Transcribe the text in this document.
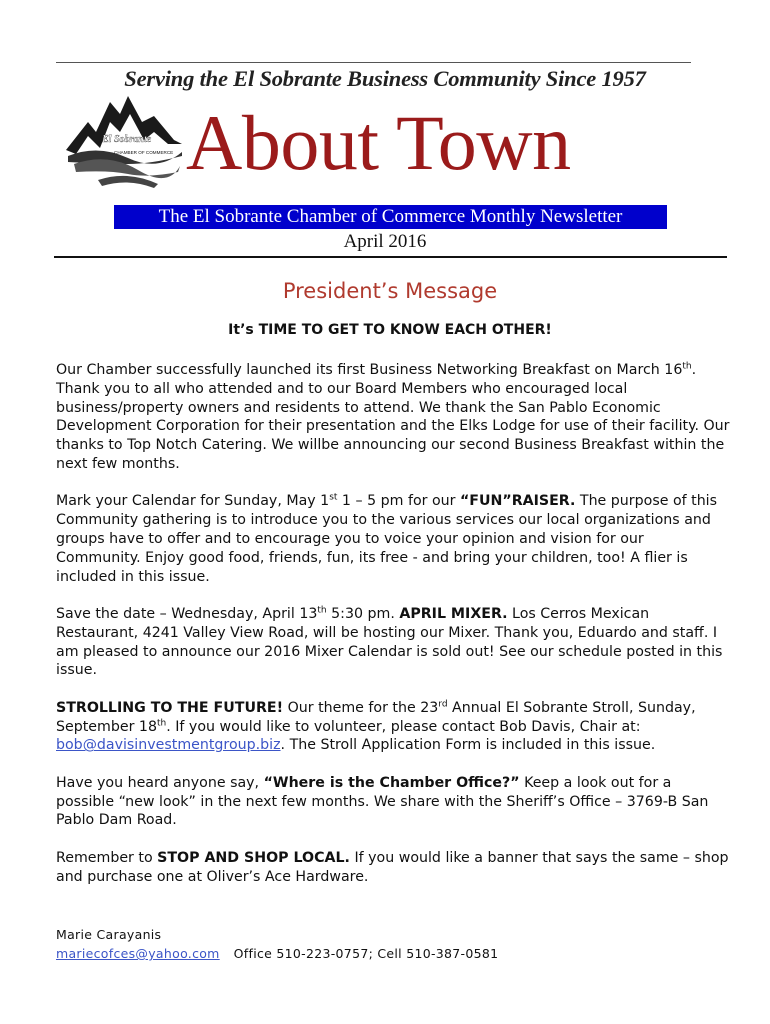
Serving the El Sobrante Business Community Since 1957
El Sobrante
CHAMBER OF COMMERCE About Town
The El Sobrante Chamber of Commerce Monthly Newsletter
April 2016
President’s Message
It’s TIME TO GET TO KNOW EACH OTHER!

Our Chamber successfully launched its first Business Networking Breakfast on March 16th. Thank you to all who attended and to our Board Members who encouraged local business/property owners and residents to attend. We thank the San Pablo Economic Development Corporation for their presentation and the Elks Lodge for use of their facility. Our thanks to Top Notch Catering. We willbe announcing our second Business Breakfast within the next few months.

Mark your Calendar for Sunday, May 1st 1 – 5 pm for our “FUN”RAISER. The purpose of this Community gathering is to introduce you to the various services our local organizations and groups have to offer and to encourage you to voice your opinion and vision for our Community. Enjoy good food, friends, fun, its free - and bring your children, too! A flier is included in this issue.

Save the date – Wednesday, April 13th 5:30 pm. APRIL MIXER. Los Cerros Mexican Restaurant, 4241 Valley View Road, will be hosting our Mixer. Thank you, Eduardo and staff. I am pleased to announce our 2016 Mixer Calendar is sold out! See our schedule posted in this issue.

STROLLING TO THE FUTURE! Our theme for the 23rd Annual El Sobrante Stroll, Sunday, September 18th. If you would like to volunteer, please contact Bob Davis, Chair at: bob@davisinvestmentgroup.biz. The Stroll Application Form is included in this issue.

Have you heard anyone say, “Where is the Chamber Office?” Keep a look out for a possible “new look” in the next few months. We share with the Sheriff’s Office – 3769-B San Pablo Dam Road.

Remember to STOP AND SHOP LOCAL. If you would like a banner that says the same – shop and purchase one at Oliver’s Ace Hardware.

Marie Carayanis
mariecofces@yahoo.com Office 510-223-0757; Cell 510-387-0581
